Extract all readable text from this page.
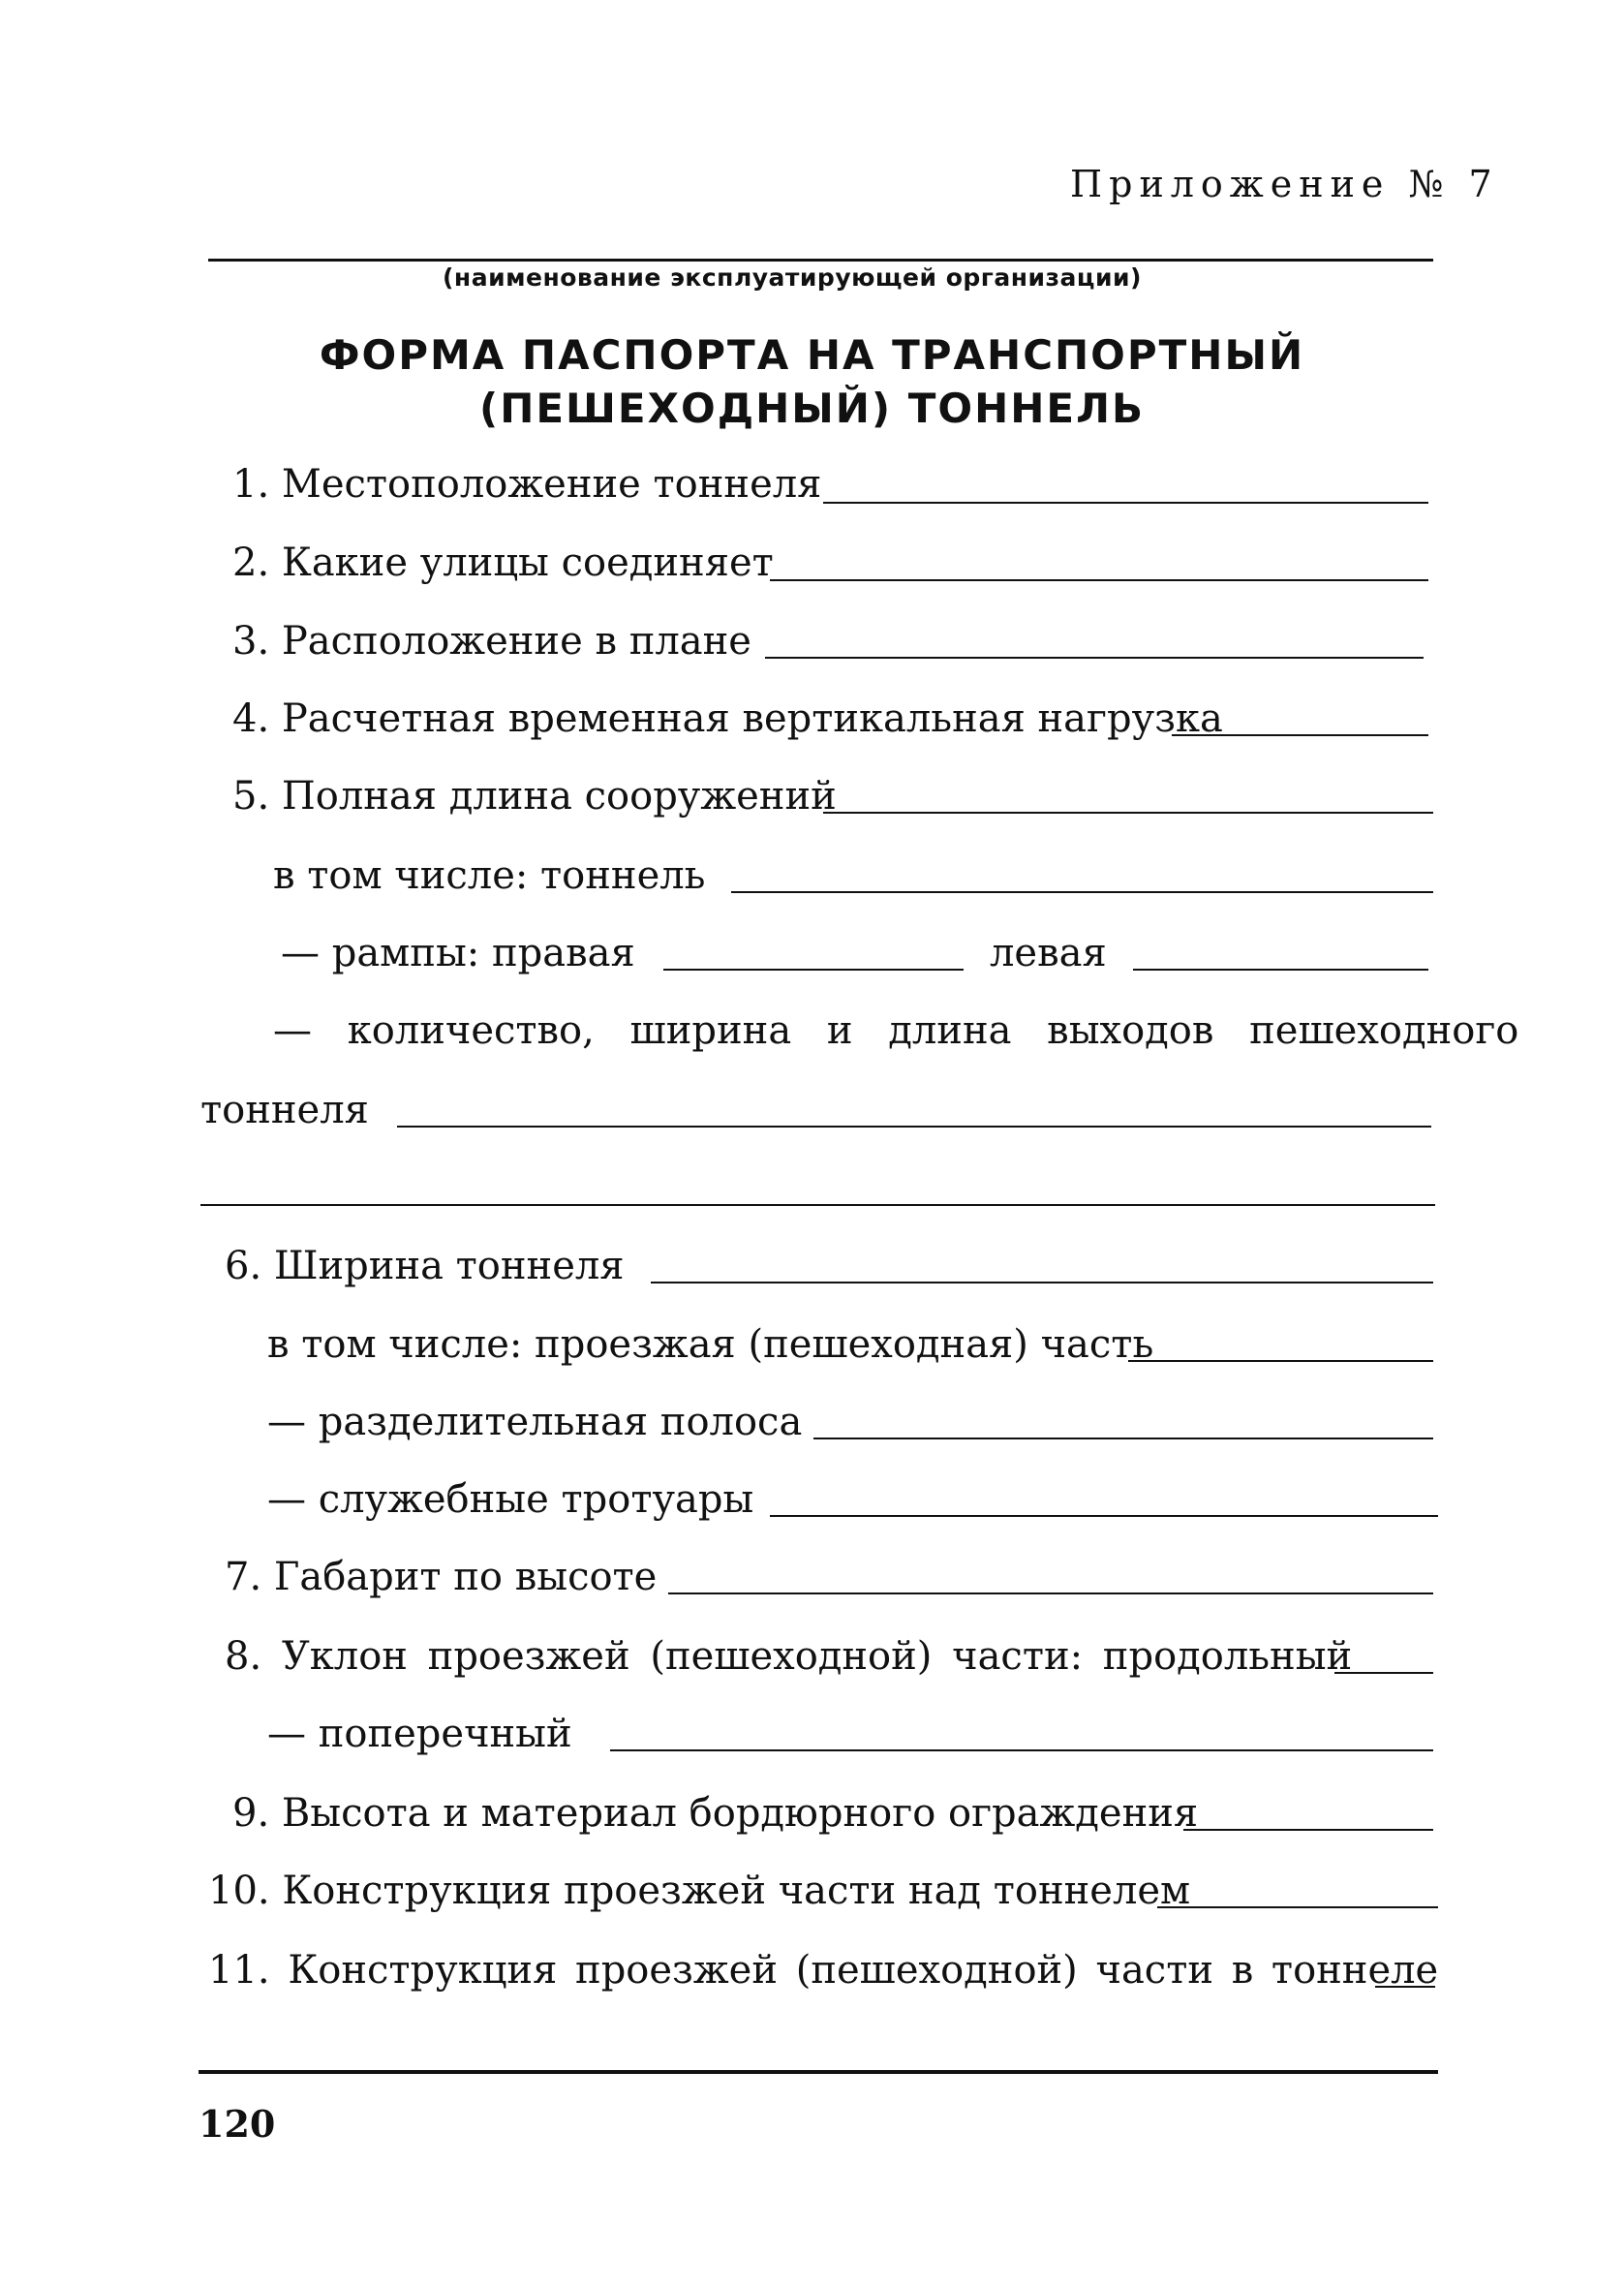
Приложение № 7
(наименование эксплуатирующей организации)
ФОРМА ПАСПОРТА НА ТРАНСПОРТНЫЙ
(ПЕШЕХОДНЫЙ) ТОННЕЛЬ
1. Местоположение тоннеля
2. Какие улицы соединяет
3. Расположение в плане
4. Расчетная временная вертикальная нагрузка
5. Полная длина сооружений
в том числе: тоннель
— рампы: правая	левая
— количество, ширина и длина выходов пешеходного
тоннеля
6. Ширина тоннеля
в том числе: проезжая (пешеходная) часть
— разделительная полоса
— служебные тротуары
7. Габарит по высоте
8. Уклон проезжей (пешеходной) части: продольный
— поперечный
9. Высота и материал бордюрного ограждения
10. Конструкция проезжей части над тоннелем
11. Конструкция проезжей (пешеходной) части в тоннеле
120
